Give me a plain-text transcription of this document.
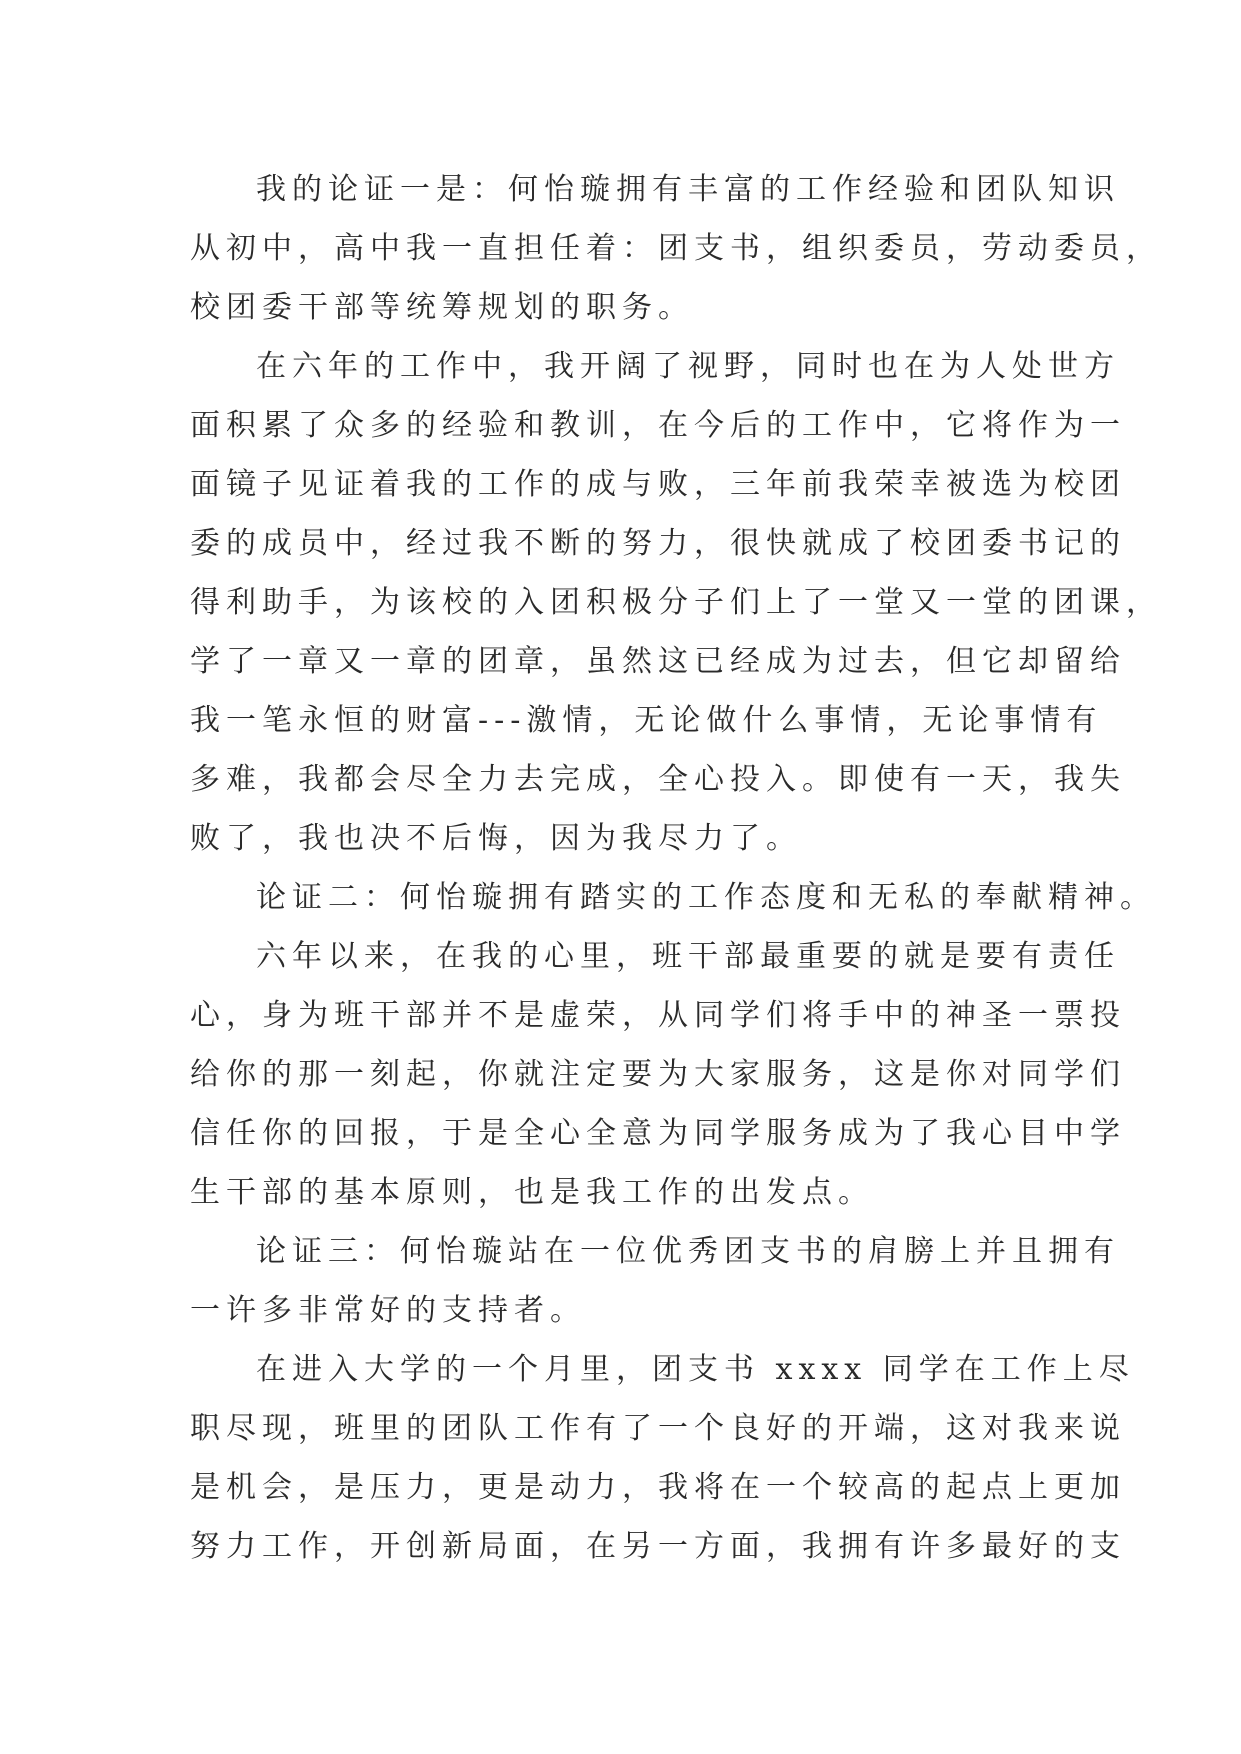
我的论证一是：何怡璇拥有丰富的工作经验和团队知识
从初中，高中我一直担任着：团支书，组织委员，劳动委员，
校团委干部等统筹规划的职务。
在六年的工作中，我开阔了视野，同时也在为人处世方
面积累了众多的经验和教训，在今后的工作中，它将作为一
面镜子见证着我的工作的成与败，三年前我荣幸被选为校团
委的成员中，经过我不断的努力，很快就成了校团委书记的
得利助手，为该校的入团积极分子们上了一堂又一堂的团课，
学了一章又一章的团章，虽然这已经成为过去，但它却留给
我一笔永恒的财富---激情，无论做什么事情，无论事情有
多难，我都会尽全力去完成，全心投入。即使有一天，我失
败了，我也决不后悔，因为我尽力了。
论证二：何怡璇拥有踏实的工作态度和无私的奉献精神。
六年以来，在我的心里，班干部最重要的就是要有责任
心，身为班干部并不是虚荣，从同学们将手中的神圣一票投
给你的那一刻起，你就注定要为大家服务，这是你对同学们
信任你的回报，于是全心全意为同学服务成为了我心目中学
生干部的基本原则，也是我工作的出发点。
论证三：何怡璇站在一位优秀团支书的肩膀上并且拥有
一许多非常好的支持者。
在进入大学的一个月里，团支书 xxxx 同学在工作上尽
职尽现，班里的团队工作有了一个良好的开端，这对我来说
是机会，是压力，更是动力，我将在一个较高的起点上更加
努力工作，开创新局面，在另一方面，我拥有许多最好的支
